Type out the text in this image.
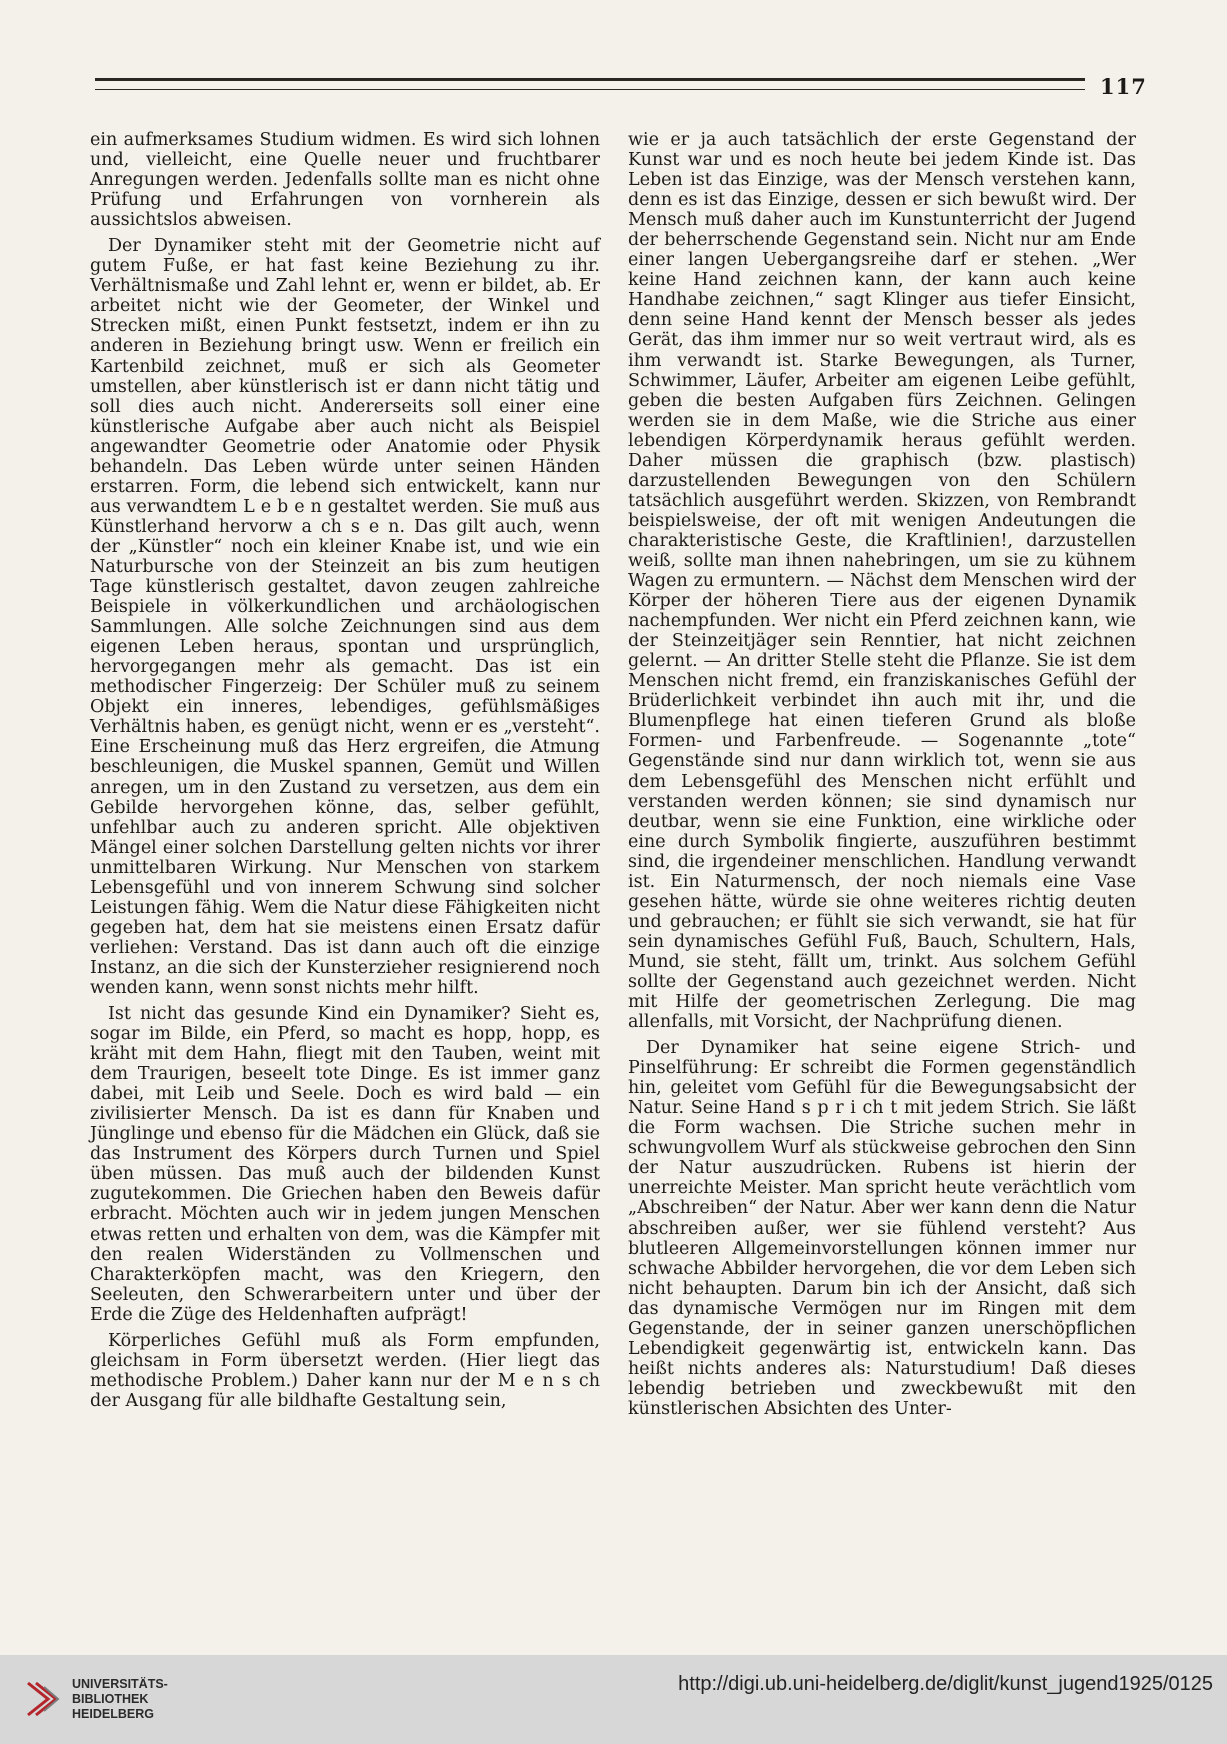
117

ein aufmerksames Studium widmen. Es wird sich lohnen und, vielleicht, eine Quelle neuer und fruchtbarer Anregungen werden. Jedenfalls sollte man es nicht ohne Prüfung und Erfahrungen von vornherein als aussichtslos abweisen.

Der Dynamiker steht mit der Geometrie nicht auf gutem Fuße, er hat fast keine Beziehung zu ihr. Verhältnismaße und Zahl lehnt er, wenn er bildet, ab. Er arbeitet nicht wie der Geometer, der Winkel und Strecken mißt, einen Punkt festsetzt, indem er ihn zu anderen in Beziehung bringt usw. Wenn er freilich ein Kartenbild zeichnet, muß er sich als Geometer umstellen, aber künstlerisch ist er dann nicht tätig und soll dies auch nicht. Andererseits soll einer eine künstlerische Aufgabe aber auch nicht als Beispiel angewandter Geometrie oder Anatomie oder Physik behandeln. Das Leben würde unter seinen Händen erstarren. Form, die lebend sich entwickelt, kann nur aus verwandtem L e b e n gestaltet werden. Sie muß aus Künstlerhand hervorw a ch s e n. Das gilt auch, wenn der „Künstler“ noch ein kleiner Knabe ist, und wie ein Naturbursche von der Steinzeit an bis zum heutigen Tage künstlerisch gestaltet, davon zeugen zahlreiche Beispiele in völkerkundlichen und archäologischen Sammlungen. Alle solche Zeichnungen sind aus dem eigenen Leben heraus, spontan und ursprünglich, hervorgegangen mehr als gemacht. Das ist ein methodischer Fingerzeig: Der Schüler muß zu seinem Objekt ein inneres, lebendiges, gefühlsmäßiges Verhältnis haben, es genügt nicht, wenn er es „versteht“. Eine Erscheinung muß das Herz ergreifen, die Atmung beschleunigen, die Muskel spannen, Gemüt und Willen anregen, um in den Zustand zu versetzen, aus dem ein Gebilde hervorgehen könne, das, selber gefühlt, unfehlbar auch zu anderen spricht. Alle objektiven Mängel einer solchen Darstellung gelten nichts vor ihrer unmittelbaren Wirkung. Nur Menschen von starkem Lebensgefühl und von innerem Schwung sind solcher Leistungen fähig. Wem die Natur diese Fähigkeiten nicht gegeben hat, dem hat sie meistens einen Ersatz dafür verliehen: Verstand. Das ist dann auch oft die einzige Instanz, an die sich der Kunsterzieher resignierend noch wenden kann, wenn sonst nichts mehr hilft.

Ist nicht das gesunde Kind ein Dynamiker? Sieht es, sogar im Bilde, ein Pferd, so macht es hopp, hopp, es kräht mit dem Hahn, fliegt mit den Tauben, weint mit dem Traurigen, beseelt tote Dinge. Es ist immer ganz dabei, mit Leib und Seele. Doch es wird bald — ein zivilisierter Mensch. Da ist es dann für Knaben und Jünglinge und ebenso für die Mädchen ein Glück, daß sie das Instrument des Körpers durch Turnen und Spiel üben müssen. Das muß auch der bildenden Kunst zugutekommen. Die Griechen haben den Beweis dafür erbracht. Möchten auch wir in jedem jungen Menschen etwas retten und erhalten von dem, was die Kämpfer mit den realen Widerständen zu Vollmenschen und Charakterköpfen macht, was den Kriegern, den Seeleuten, den Schwerarbeitern unter und über der Erde die Züge des Heldenhaften aufprägt!

Körperliches Gefühl muß als Form empfunden, gleichsam in Form übersetzt werden. (Hier liegt das methodische Problem.) Daher kann nur der M e n s ch der Ausgang für alle bildhafte Gestaltung sein,

wie er ja auch tatsächlich der erste Gegenstand der Kunst war und es noch heute bei jedem Kinde ist. Das Leben ist das Einzige, was der Mensch verstehen kann, denn es ist das Einzige, dessen er sich bewußt wird. Der Mensch muß daher auch im Kunstunterricht der Jugend der beherrschende Gegenstand sein. Nicht nur am Ende einer langen Uebergangsreihe darf er stehen. „Wer keine Hand zeichnen kann, der kann auch keine Handhabe zeichnen,“ sagt Klinger aus tiefer Einsicht, denn seine Hand kennt der Mensch besser als jedes Gerät, das ihm immer nur so weit vertraut wird, als es ihm verwandt ist. Starke Bewegungen, als Turner, Schwimmer, Läufer, Arbeiter am eigenen Leibe gefühlt, geben die besten Aufgaben fürs Zeichnen. Gelingen werden sie in dem Maße, wie die Striche aus einer lebendigen Körperdynamik heraus gefühlt werden. Daher müssen die graphisch (bzw. plastisch) darzustellenden Bewegungen von den Schülern tatsächlich ausgeführt werden. Skizzen, von Rembrandt beispielsweise, der oft mit wenigen Andeutungen die charakteristische Geste, die Kraftlinien!, darzustellen weiß, sollte man ihnen nahebringen, um sie zu kühnem Wagen zu ermuntern. — Nächst dem Menschen wird der Körper der höheren Tiere aus der eigenen Dynamik nachempfunden. Wer nicht ein Pferd zeichnen kann, wie der Steinzeitjäger sein Renntier, hat nicht zeichnen gelernt. — An dritter Stelle steht die Pflanze. Sie ist dem Menschen nicht fremd, ein franziskanisches Gefühl der Brüderlichkeit verbindet ihn auch mit ihr, und die Blumenpflege hat einen tieferen Grund als bloße Formen- und Farbenfreude. — Sogenannte „tote“ Gegenstände sind nur dann wirklich tot, wenn sie aus dem Lebensgefühl des Menschen nicht erfühlt und verstanden werden können; sie sind dynamisch nur deutbar, wenn sie eine Funktion, eine wirkliche oder eine durch Symbolik fingierte, auszuführen bestimmt sind, die irgendeiner menschlichen. Handlung verwandt ist. Ein Naturmensch, der noch niemals eine Vase gesehen hätte, würde sie ohne weiteres richtig deuten und gebrauchen; er fühlt sie sich verwandt, sie hat für sein dynamisches Gefühl Fuß, Bauch, Schultern, Hals, Mund, sie steht, fällt um, trinkt. Aus solchem Gefühl sollte der Gegenstand auch gezeichnet werden. Nicht mit Hilfe der geometrischen Zerlegung. Die mag allenfalls, mit Vorsicht, der Nachprüfung dienen.

Der Dynamiker hat seine eigene Strich- und Pinselführung: Er schreibt die Formen gegenständlich hin, geleitet vom Gefühl für die Bewegungsabsicht der Natur. Seine Hand s p r i ch t mit jedem Strich. Sie läßt die Form wachsen. Die Striche suchen mehr in schwungvollem Wurf als stückweise gebrochen den Sinn der Natur auszudrücken. Rubens ist hierin der unerreichte Meister. Man spricht heute verächtlich vom „Abschreiben“ der Natur. Aber wer kann denn die Natur abschreiben außer, wer sie fühlend versteht? Aus blutleeren Allgemeinvorstellungen können immer nur schwache Abbilder hervorgehen, die vor dem Leben sich nicht behaupten. Darum bin ich der Ansicht, daß sich das dynamische Vermögen nur im Ringen mit dem Gegenstande, der in seiner ganzen unerschöpflichen Lebendigkeit gegenwärtig ist, entwickeln kann. Das heißt nichts anderes als: Naturstudium! Daß dieses lebendig betrieben und zweckbewußt mit den künstlerischen Absichten des Unter-

UNIVERSITÄTS-
BIBLIOTHEK
HEIDELBERG
http://digi.ub.uni-heidelberg.de/diglit/kunst_jugend1925/0125
